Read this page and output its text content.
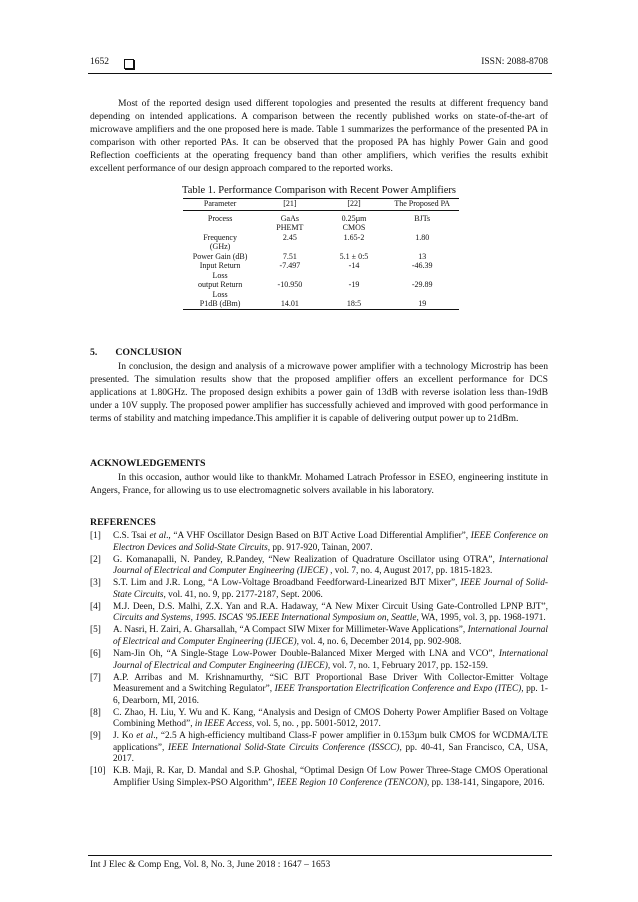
1652	ISSN: 2088-8708

Most of the reported design used different topologies and presented the results at different frequency band depending on intended applications. A comparison between the recently published works on state-of-the-art of microwave amplifiers and the one proposed here is made. Table 1 summarizes the performance of the presented PA in comparison with other reported PAs. It can be observed that the proposed PA has highly Power Gain and good Reflection coefficients at the operating frequency band than other amplifiers, which verifies the results exhibit excellent performance of our design approach compared to the reported works.

Table 1. Performance Comparison with Recent Power Amplifiers
Parameter	[21]	[22]	The Proposed PA
Process	GaAs PHEMT	0.25µm CMOS	BJTs
Frequency (GHz)	2.45	1.65-2	1.80
Power Gain (dB)	7.51	5.1 ± 0:5	13
Input Return Loss	-7.497	-14	-46.39
output Return Loss	-10.950	-19	-29.89
P1dB (dBm)	14.01	18:5	19
5. CONCLUSION

In conclusion, the design and analysis of a microwave power amplifier with a technology Microstrip has been presented. The simulation results show that the proposed amplifier offers an excellent performance for DCS applications at 1.80GHz. The proposed design exhibits a power gain of 13dB with reverse isolation less than-19dB under a 10V supply. The proposed power amplifier has successfully achieved and improved with good performance in terms of stability and matching impedance.This amplifier it is capable of delivering output power up to 21dBm.

ACKNOWLEDGEMENTS

In this occasion, author would like to thankMr. Mohamed Latrach Professor in ESEO, engineering institute in Angers, France, for allowing us to use electromagnetic solvers available in his laboratory.

REFERENCES
[1] C.S. Tsai et al., “A VHF Oscillator Design Based on BJT Active Load Differential Amplifier”, IEEE Conference on Electron Devices and Solid-State Circuits, pp. 917-920, Tainan, 2007.
[2] G. Komanapalli, N. Pandey, R.Pandey, “New Realization of Quadrature Oscillator using OTRA”, International Journal of Electrical and Computer Engineering (IJECE) , vol. 7, no. 4, August 2017, pp. 1815-1823.
[3] S.T. Lim and J.R. Long, “A Low-Voltage Broadband Feedforward-Linearized BJT Mixer”, IEEE Journal of Solid-State Circuits, vol. 41, no. 9, pp. 2177-2187, Sept. 2006.
[4] M.J. Deen, D.S. Malhi, Z.X. Yan and R.A. Hadaway, “A New Mixer Circuit Using Gate-Controlled LPNP BJT”, Circuits and Systems, 1995. ISCAS '95.IEEE International Symposium on, Seattle, WA, 1995, vol. 3, pp. 1968-1971.
[5] A. Nasri, H. Zairi, A. Gharsallah, “A Compact SIW Mixer for Millimeter-Wave Applications”, International Journal of Electrical and Computer Engineering (IJECE), vol. 4, no. 6, December 2014, pp. 902-908.
[6] Nam-Jin Oh, “A Single-Stage Low-Power Double-Balanced Mixer Merged with LNA and VCO”, International Journal of Electrical and Computer Engineering (IJECE), vol. 7, no. 1, February 2017, pp. 152-159.
[7] A.P. Arribas and M. Krishnamurthy, “SiC BJT Proportional Base Driver With Collector-Emitter Voltage Measurement and a Switching Regulator”, IEEE Transportation Electrification Conference and Expo (ITEC), pp. 1-6, Dearborn, MI, 2016.
[8] C. Zhao, H. Liu, Y. Wu and K. Kang, “Analysis and Design of CMOS Doherty Power Amplifier Based on Voltage Combining Method”, in IEEE Access, vol. 5, no. , pp. 5001-5012, 2017.
[9] J. Ko et al., “2.5 A high-efficiency multiband Class-F power amplifier in 0.153µm bulk CMOS for WCDMA/LTE applications”, IEEE International Solid-State Circuits Conference (ISSCC), pp. 40-41, San Francisco, CA, USA, 2017.
[10] K.B. Maji, R. Kar, D. Mandal and S.P. Ghoshal, “Optimal Design Of Low Power Three-Stage CMOS Operational Amplifier Using Simplex-PSO Algorithm”, IEEE Region 10 Conference (TENCON), pp. 138-141, Singapore, 2016.
Int J Elec & Comp Eng, Vol. 8, No. 3, June 2018 : 1647 – 1653
